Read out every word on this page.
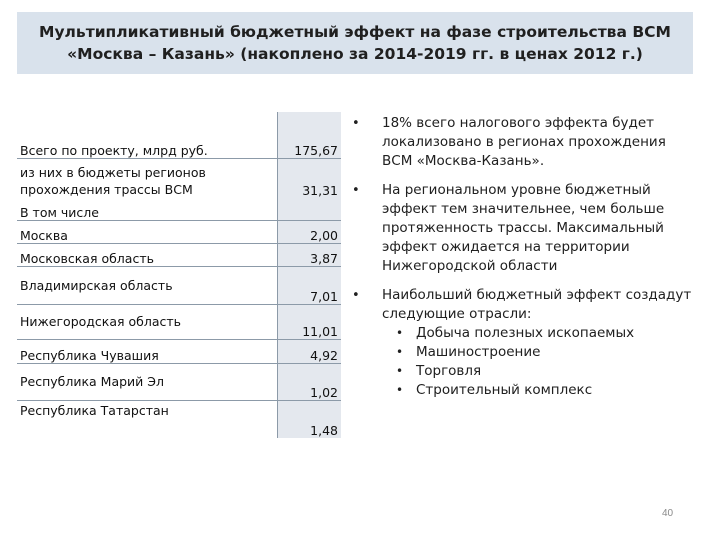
Мультипликативный бюджетный эффект на фазе строительства ВСМ
«Москва – Казань» (накоплено за 2014-2019 гг. в ценах 2012 г.)
Всего по проекту, млрд руб.	175,67
из них в бюджеты регионов прохождения трассы ВСМ	31,31
В том числе	
Москва	2,00
Московская область	3,87
Владимирская область	7,01
Нижегородская область	11,01
Республика Чувашия	4,92
Республика Марий Эл	1,02
Республика Татарстан	1,48
•	18% всего налогового эффекта будет локализовано в регионах прохождения ВСМ «Москва-Казань».
•	На региональном уровне бюджетный эффект тем значительнее, чем больше протяженность трассы. Максимальный эффект ожидается на территории Нижегородской области
•	Наибольший бюджетный эффект создадут следующие отрасли:
• Добыча полезных ископаемых
• Машиностроение
• Торговля
• Строительный комплекс
40
